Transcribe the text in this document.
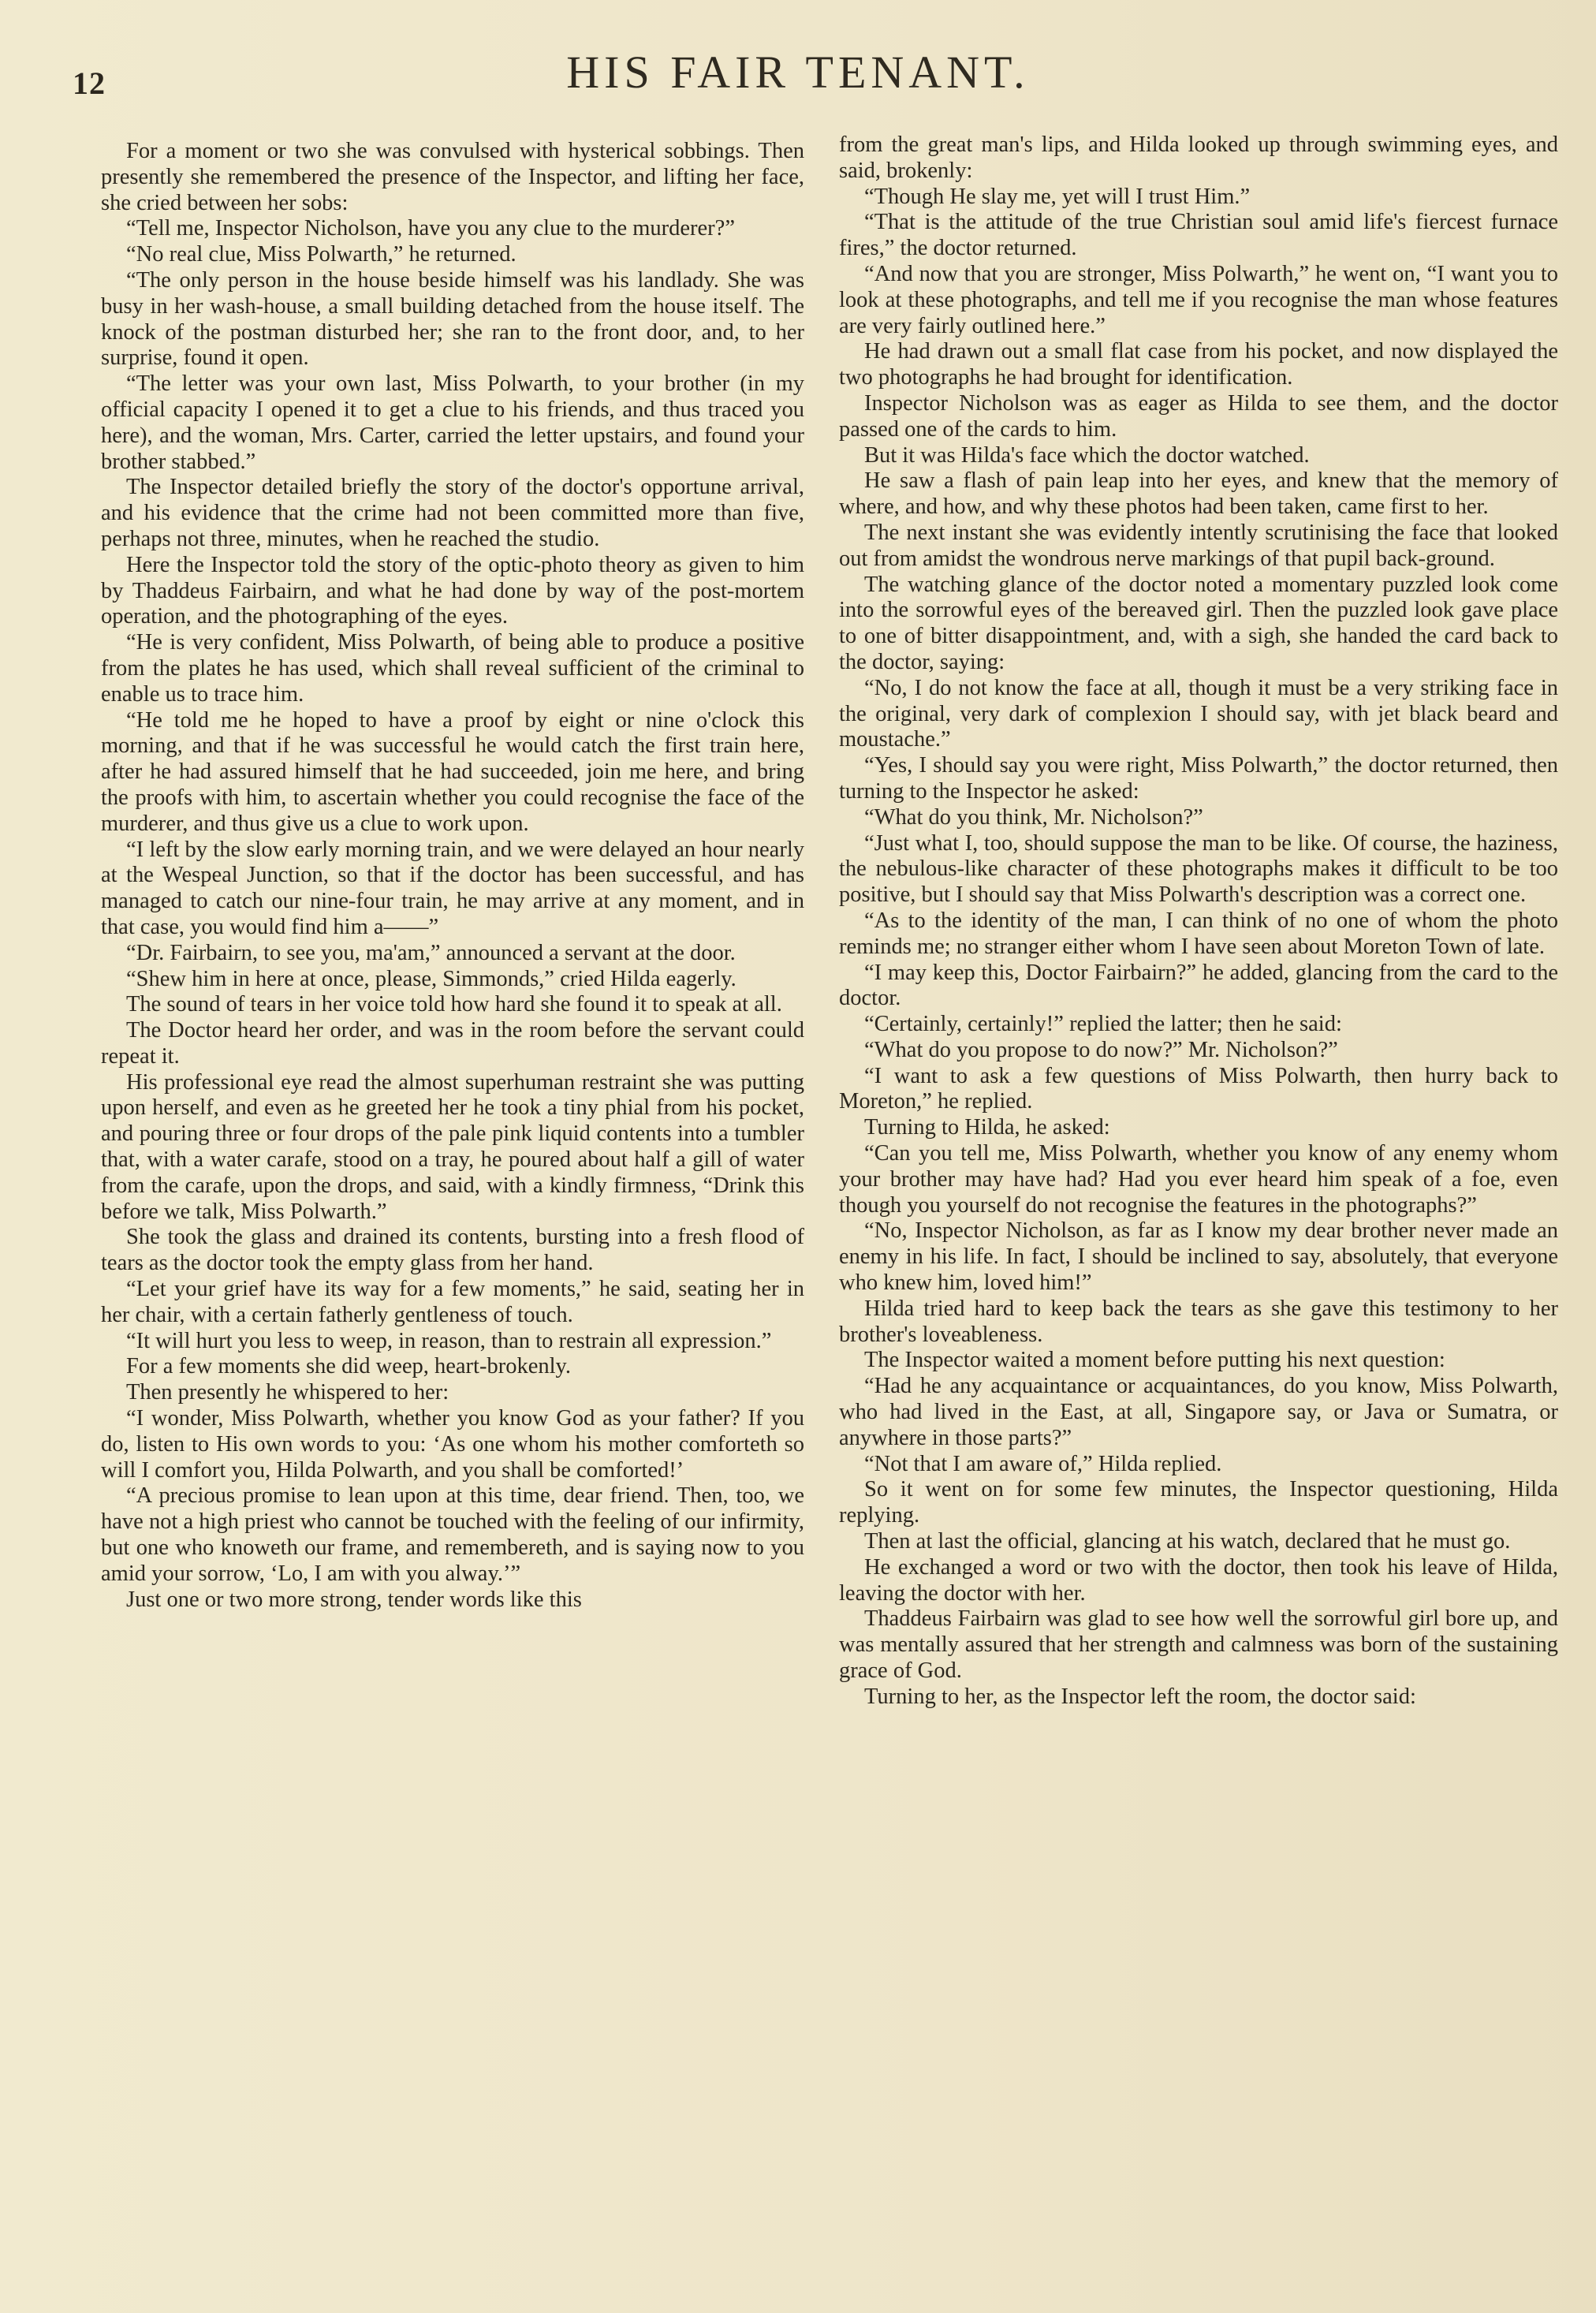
12	HIS FAIR TENANT.

For a moment or two she was convulsed with hysterical sobbings. Then presently she remembered the presence of the Inspector, and lifting her face, she cried between her sobs:

“Tell me, Inspector Nicholson, have you any clue to the murderer?”

“No real clue, Miss Polwarth,” he returned.

“The only person in the house beside himself was his landlady. She was busy in her wash-house, a small building detached from the house itself. The knock of the postman disturbed her; she ran to the front door, and, to her surprise, found it open.

“The letter was your own last, Miss Polwarth, to your brother (in my official capacity I opened it to get a clue to his friends, and thus traced you here), and the woman, Mrs. Carter, carried the letter upstairs, and found your brother stabbed.”

The Inspector detailed briefly the story of the doctor's opportune arrival, and his evidence that the crime had not been committed more than five, perhaps not three, minutes, when he reached the studio.

Here the Inspector told the story of the optic-photo theory as given to him by Thaddeus Fairbairn, and what he had done by way of the post-mortem operation, and the photographing of the eyes.

“He is very confident, Miss Polwarth, of being able to produce a positive from the plates he has used, which shall reveal sufficient of the criminal to enable us to trace him.

“He told me he hoped to have a proof by eight or nine o'clock this morning, and that if he was successful he would catch the first train here, after he had assured himself that he had succeeded, join me here, and bring the proofs with him, to ascertain whether you could recognise the face of the murderer, and thus give us a clue to work upon.

“I left by the slow early morning train, and we were delayed an hour nearly at the Wespeal Junction, so that if the doctor has been successful, and has managed to catch our nine-four train, he may arrive at any moment, and in that case, you would find him a——”

“Dr. Fairbairn, to see you, ma'am,” announced a servant at the door.

“Shew him in here at once, please, Simmonds,” cried Hilda eagerly.

The sound of tears in her voice told how hard she found it to speak at all.

The Doctor heard her order, and was in the room before the servant could repeat it.

His professional eye read the almost superhuman restraint she was putting upon herself, and even as he greeted her he took a tiny phial from his pocket, and pouring three or four drops of the pale pink liquid contents into a tumbler that, with a water carafe, stood on a tray, he poured about half a gill of water from the carafe, upon the drops, and said, with a kindly firmness, “Drink this before we talk, Miss Polwarth.”

She took the glass and drained its contents, bursting into a fresh flood of tears as the doctor took the empty glass from her hand.

“Let your grief have its way for a few moments,” he said, seating her in her chair, with a certain fatherly gentleness of touch.

“It will hurt you less to weep, in reason, than to restrain all expression.”

For a few moments she did weep, heart-brokenly.

Then presently he whispered to her:

“I wonder, Miss Polwarth, whether you know God as your father? If you do, listen to His own words to you: ‘As one whom his mother comforteth so will I comfort you, Hilda Polwarth, and you shall be comforted!’

“A precious promise to lean upon at this time, dear friend. Then, too, we have not a high priest who cannot be touched with the feeling of our infirmity, but one who knoweth our frame, and remembereth, and is saying now to you amid your sorrow, ‘Lo, I am with you alway.’”

Just one or two more strong, tender words like this

from the great man's lips, and Hilda looked up through swimming eyes, and said, brokenly:

“Though He slay me, yet will I trust Him.”

“That is the attitude of the true Christian soul amid life's fiercest furnace fires,” the doctor returned.

“And now that you are stronger, Miss Polwarth,” he went on, “I want you to look at these photographs, and tell me if you recognise the man whose features are very fairly outlined here.”

He had drawn out a small flat case from his pocket, and now displayed the two photographs he had brought for identification.

Inspector Nicholson was as eager as Hilda to see them, and the doctor passed one of the cards to him.

But it was Hilda's face which the doctor watched.

He saw a flash of pain leap into her eyes, and knew that the memory of where, and how, and why these photos had been taken, came first to her.

The next instant she was evidently intently scrutinising the face that looked out from amidst the wondrous nerve markings of that pupil back-ground.

The watching glance of the doctor noted a momentary puzzled look come into the sorrowful eyes of the bereaved girl. Then the puzzled look gave place to one of bitter disappointment, and, with a sigh, she handed the card back to the doctor, saying:

“No, I do not know the face at all, though it must be a very striking face in the original, very dark of complexion I should say, with jet black beard and moustache.”

“Yes, I should say you were right, Miss Polwarth,” the doctor returned, then turning to the Inspector he asked:

“What do you think, Mr. Nicholson?”

“Just what I, too, should suppose the man to be like. Of course, the haziness, the nebulous-like character of these photographs makes it difficult to be too positive, but I should say that Miss Polwarth's description was a correct one.

“As to the identity of the man, I can think of no one of whom the photo reminds me; no stranger either whom I have seen about Moreton Town of late.

“I may keep this, Doctor Fairbairn?” he added, glancing from the card to the doctor.

“Certainly, certainly!” replied the latter; then he said:

“What do you propose to do now?” Mr. Nicholson?”

“I want to ask a few questions of Miss Polwarth, then hurry back to Moreton,” he replied.

Turning to Hilda, he asked:

“Can you tell me, Miss Polwarth, whether you know of any enemy whom your brother may have had? Had you ever heard him speak of a foe, even though you yourself do not recognise the features in the photographs?”

“No, Inspector Nicholson, as far as I know my dear brother never made an enemy in his life. In fact, I should be inclined to say, absolutely, that everyone who knew him, loved him!”

Hilda tried hard to keep back the tears as she gave this testimony to her brother's loveableness.

The Inspector waited a moment before putting his next question:

“Had he any acquaintance or acquaintances, do you know, Miss Polwarth, who had lived in the East, at all, Singapore say, or Java or Sumatra, or anywhere in those parts?”

“Not that I am aware of,” Hilda replied.

So it went on for some few minutes, the Inspector questioning, Hilda replying.

Then at last the official, glancing at his watch, declared that he must go.

He exchanged a word or two with the doctor, then took his leave of Hilda, leaving the doctor with her.

Thaddeus Fairbairn was glad to see how well the sorrowful girl bore up, and was mentally assured that her strength and calmness was born of the sustaining grace of God.

Turning to her, as the Inspector left the room, the doctor said:
